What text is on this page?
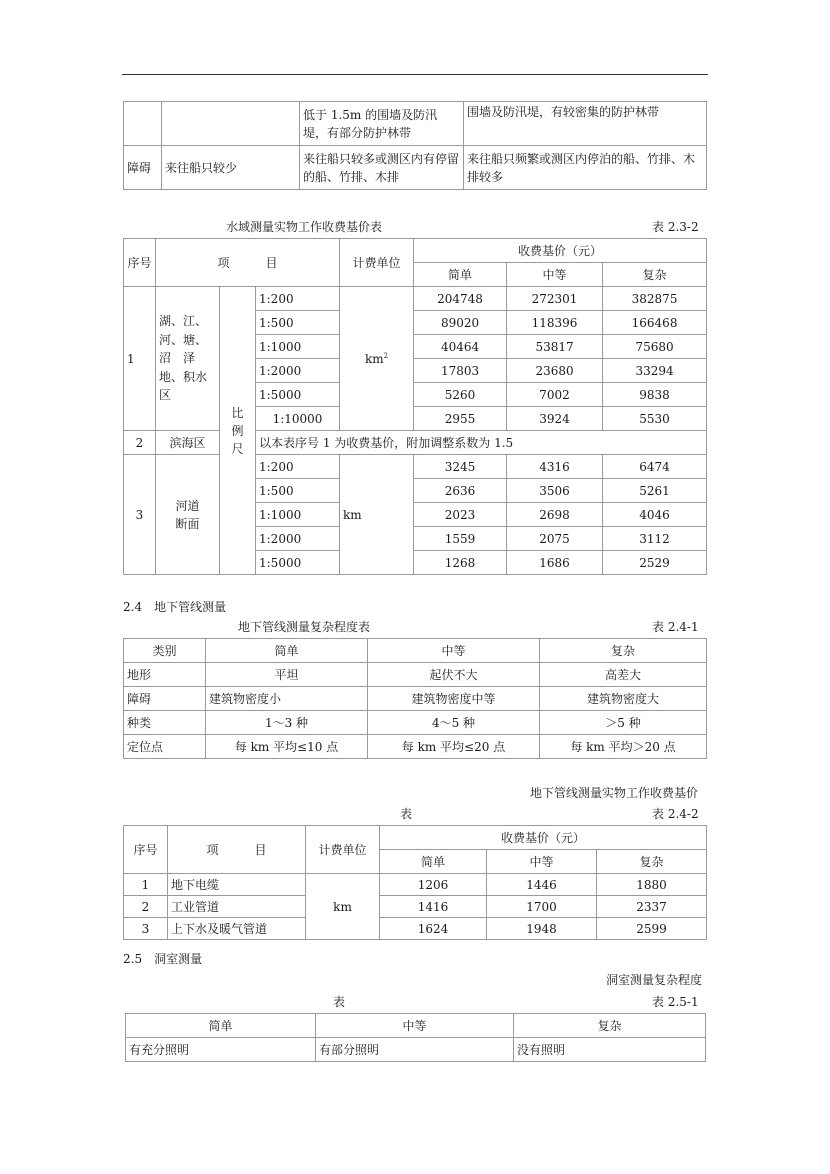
		低于 1.5m 的围墙及防汛堤，有部分防护林带	围墙及防汛堤，有较密集的防护林带
障碍	来往船只较少	来往船只较多或测区内有停留的船、竹排、木排	来往船只频繁或测区内停泊的船、竹排、木排较多
水域测量实物工作收费基价表	表 2.3-2
序号	项　　　目			计费单位	收费基价（元）		
					简单	中等	复杂
1	湖、江、河、塘、沼　泽地、积水区	比例尺	1:200	$km^2$	204748	272301	382875
			1:500		89020	118396	166468
			1:1000		40464	53817	75680
			1:2000		17803	23680	33294
			1:5000		5260	7002	9838
			1:10000		2955	3924	5530
2	滨海区		以本表序号 1 为收费基价，附加调整系数为 1.5				
3	河道断面		1:200	km	3245	4316	6474
			1:500		2636	3506	5261
			1:1000		2023	2698	4046
			1:2000		1559	2075	3112
			1:5000		1268	1686	2529
2.4　地下管线测量
地下管线测量复杂程度表	表 2.4-1
类别	简单	中等	复杂
地形	平坦	起伏不大	高差大
障碍	建筑物密度小	建筑物密度中等	建筑物密度大
种类	1～3 种	4～5 种	＞5 种
定位点	每 km 平均≤10 点	每 km 平均≤20 点	每 km 平均＞20 点
地下管线测量实物工作收费基价
表	表 2.4-2
序号	项　　　目	计费单位	收费基价（元）		
			简单	中等	复杂
1	地下电缆	km	1206	1446	1880
2	工业管道		1416	1700	2337
3	上下水及暖气管道		1624	1948	2599
2.5　洞室测量
洞室测量复杂程度
表	表 2.5-1
简单	中等	复杂
有充分照明	有部分照明	没有照明
